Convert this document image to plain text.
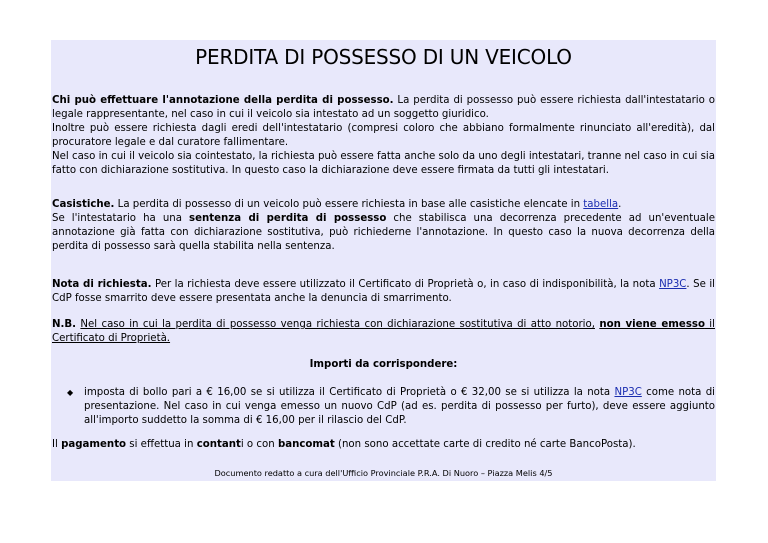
PERDITA DI POSSESSO DI UN VEICOLO

Chi può effettuare l'annotazione della perdita di possesso. La perdita di possesso può essere richiesta dall'intestatario o legale rappresentante, nel caso in cui il veicolo sia intestato ad un soggetto giuridico.

Inoltre può essere richiesta dagli eredi dell'intestatario (compresi coloro che abbiano formalmente rinunciato all'eredità), dal procuratore legale e dal curatore fallimentare.

Nel caso in cui il veicolo sia cointestato, la richiesta può essere fatta anche solo da uno degli intestatari, tranne nel caso in cui sia fatto con dichiarazione sostitutiva. In questo caso la dichiarazione deve essere firmata da tutti gli intestatari.

Casistiche. La perdita di possesso di un veicolo può essere richiesta in base alle casistiche elencate in tabella.

Se l'intestatario ha una sentenza di perdita di possesso che stabilisca una decorrenza precedente ad un'eventuale annotazione già fatta con dichiarazione sostitutiva, può richiederne l'annotazione. In questo caso la nuova decorrenza della perdita di possesso sarà quella stabilita nella sentenza.

Nota di richiesta. Per la richiesta deve essere utilizzato il Certificato di Proprietà o, in caso di indisponibilità, la nota NP3C. Se il CdP fosse smarrito deve essere presentata anche la denuncia di smarrimento.

N.B. Nel caso in cui la perdita di possesso venga richiesta con dichiarazione sostitutiva di atto notorio, non viene emesso il Certificato di Proprietà.

Importi da corrispondere:

◆	imposta di bollo pari a € 16,00 se si utilizza il Certificato di Proprietà o € 32,00 se si utilizza la nota NP3C come nota di presentazione. Nel caso in cui venga emesso un nuovo CdP (ad es. perdita di possesso per furto), deve essere aggiunto all'importo suddetto la somma di € 16,00 per il rilascio del CdP.

Il pagamento si effettua in contanti o con bancomat (non sono accettate carte di credito né carte BancoPosta).

Documento redatto a cura dell'Ufficio Provinciale P.R.A. Di Nuoro – Piazza Melis 4/5
